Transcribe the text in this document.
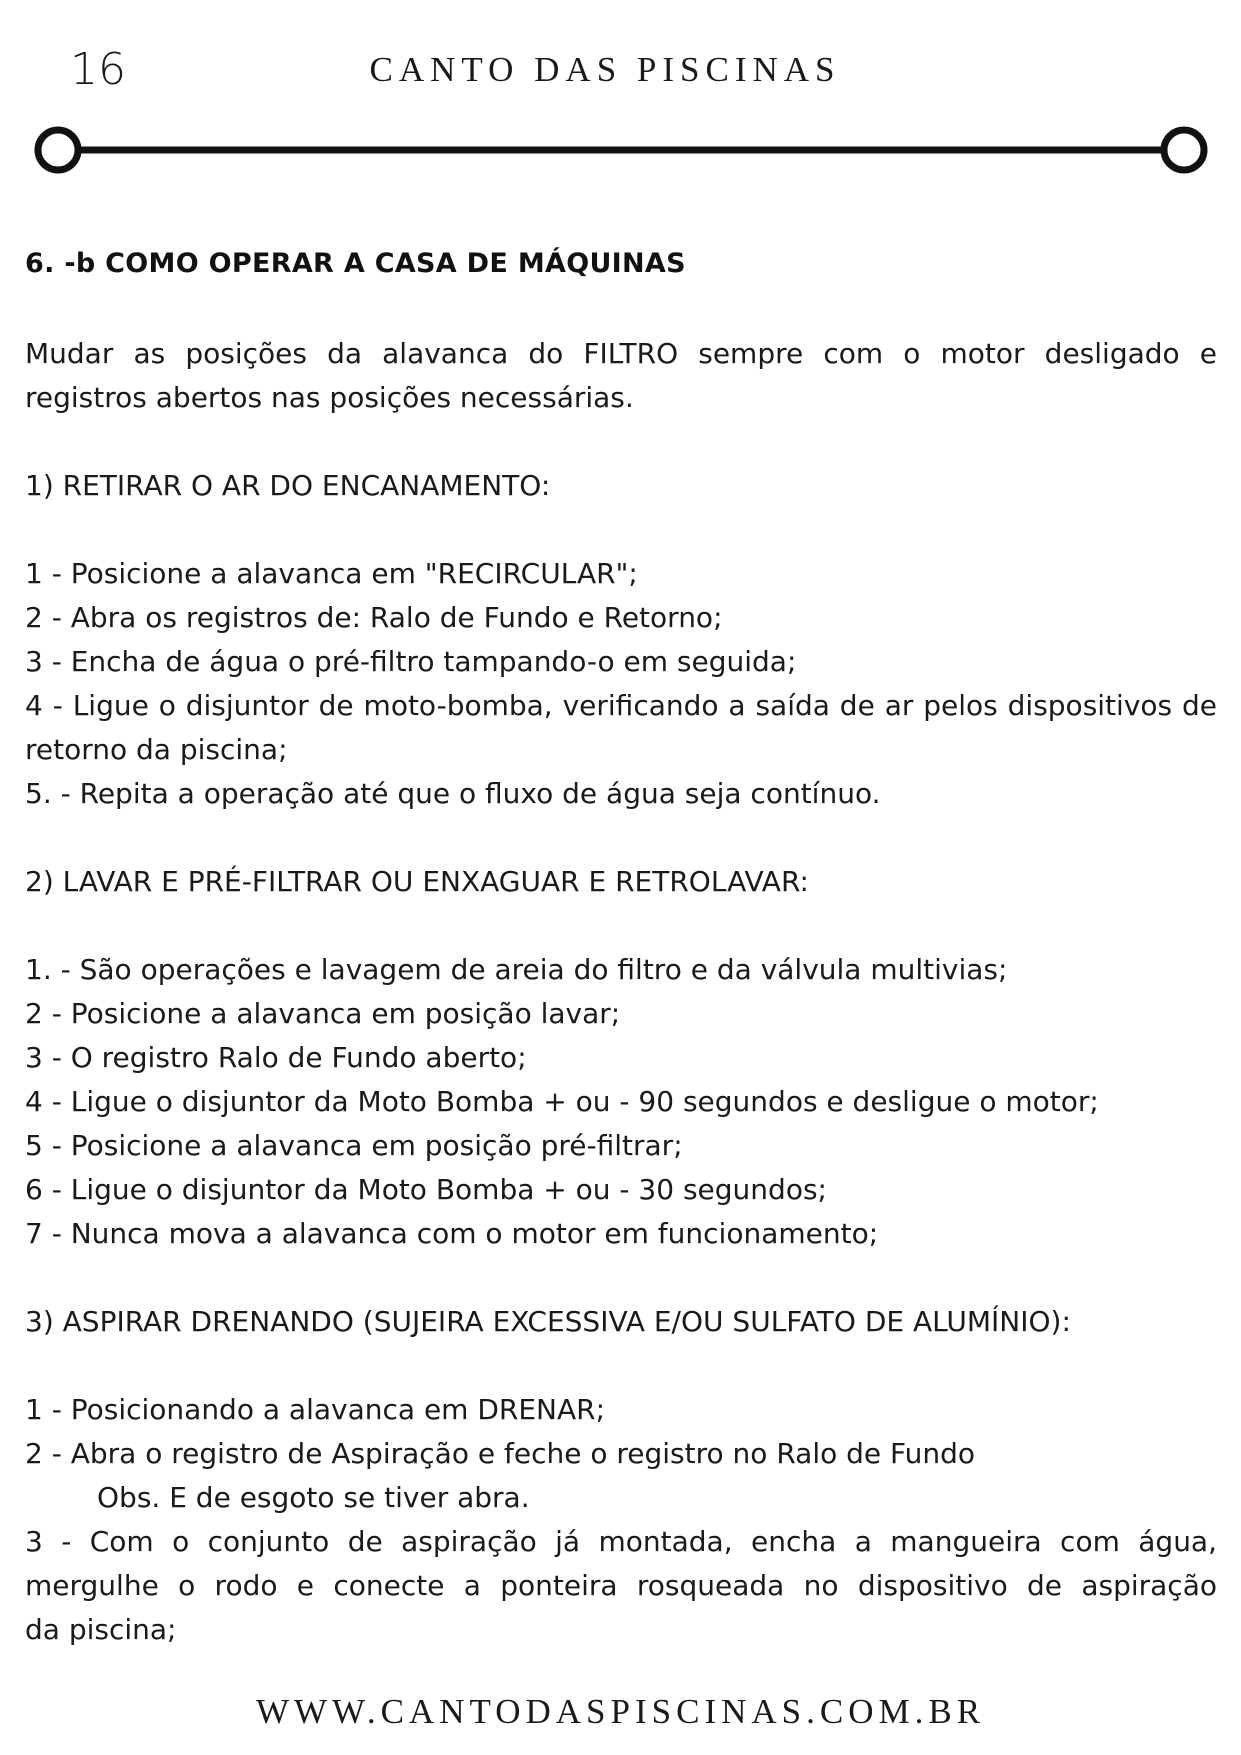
16	CANTO DAS PISCINAS
6. -b COMO OPERAR A CASA DE MÁQUINAS

Mudar as posições da alavanca do FILTRO sempre com o motor desligado e

registros abertos nas posições necessárias.

1) RETIRAR O AR DO ENCANAMENTO:

1 - Posicione a alavanca em "RECIRCULAR";

2 - Abra os registros de: Ralo de Fundo e Retorno;

3 - Encha de água o pré-filtro tampando-o em seguida;

4 - Ligue o disjuntor de moto-bomba, verificando a saída de ar pelos dispositivos de

retorno da piscina;

5. - Repita a operação até que o fluxo de água seja contínuo.

2) LAVAR E PRÉ-FILTRAR OU ENXAGUAR E RETROLAVAR:

1. - São operações e lavagem de areia do filtro e da válvula multivias;

2 - Posicione a alavanca em posição lavar;

3 - O registro Ralo de Fundo aberto;

4 - Ligue o disjuntor da Moto Bomba + ou - 90 segundos e desligue o motor;

5 - Posicione a alavanca em posição pré-filtrar;

6 - Ligue o disjuntor da Moto Bomba + ou - 30 segundos;

7 - Nunca mova a alavanca com o motor em funcionamento;

3) ASPIRAR DRENANDO (SUJEIRA EXCESSIVA E/OU SULFATO DE ALUMÍNIO):

1 - Posicionando a alavanca em DRENAR;

2 - Abra o registro de Aspiração e feche o registro no Ralo de Fundo

Obs. E de esgoto se tiver abra.

3 - Com o conjunto de aspiração já montada, encha a mangueira com água,

mergulhe o rodo e conecte a ponteira rosqueada no dispositivo de aspiração

da piscina;

WWW.CANTODASPISCINAS.COM.BR
